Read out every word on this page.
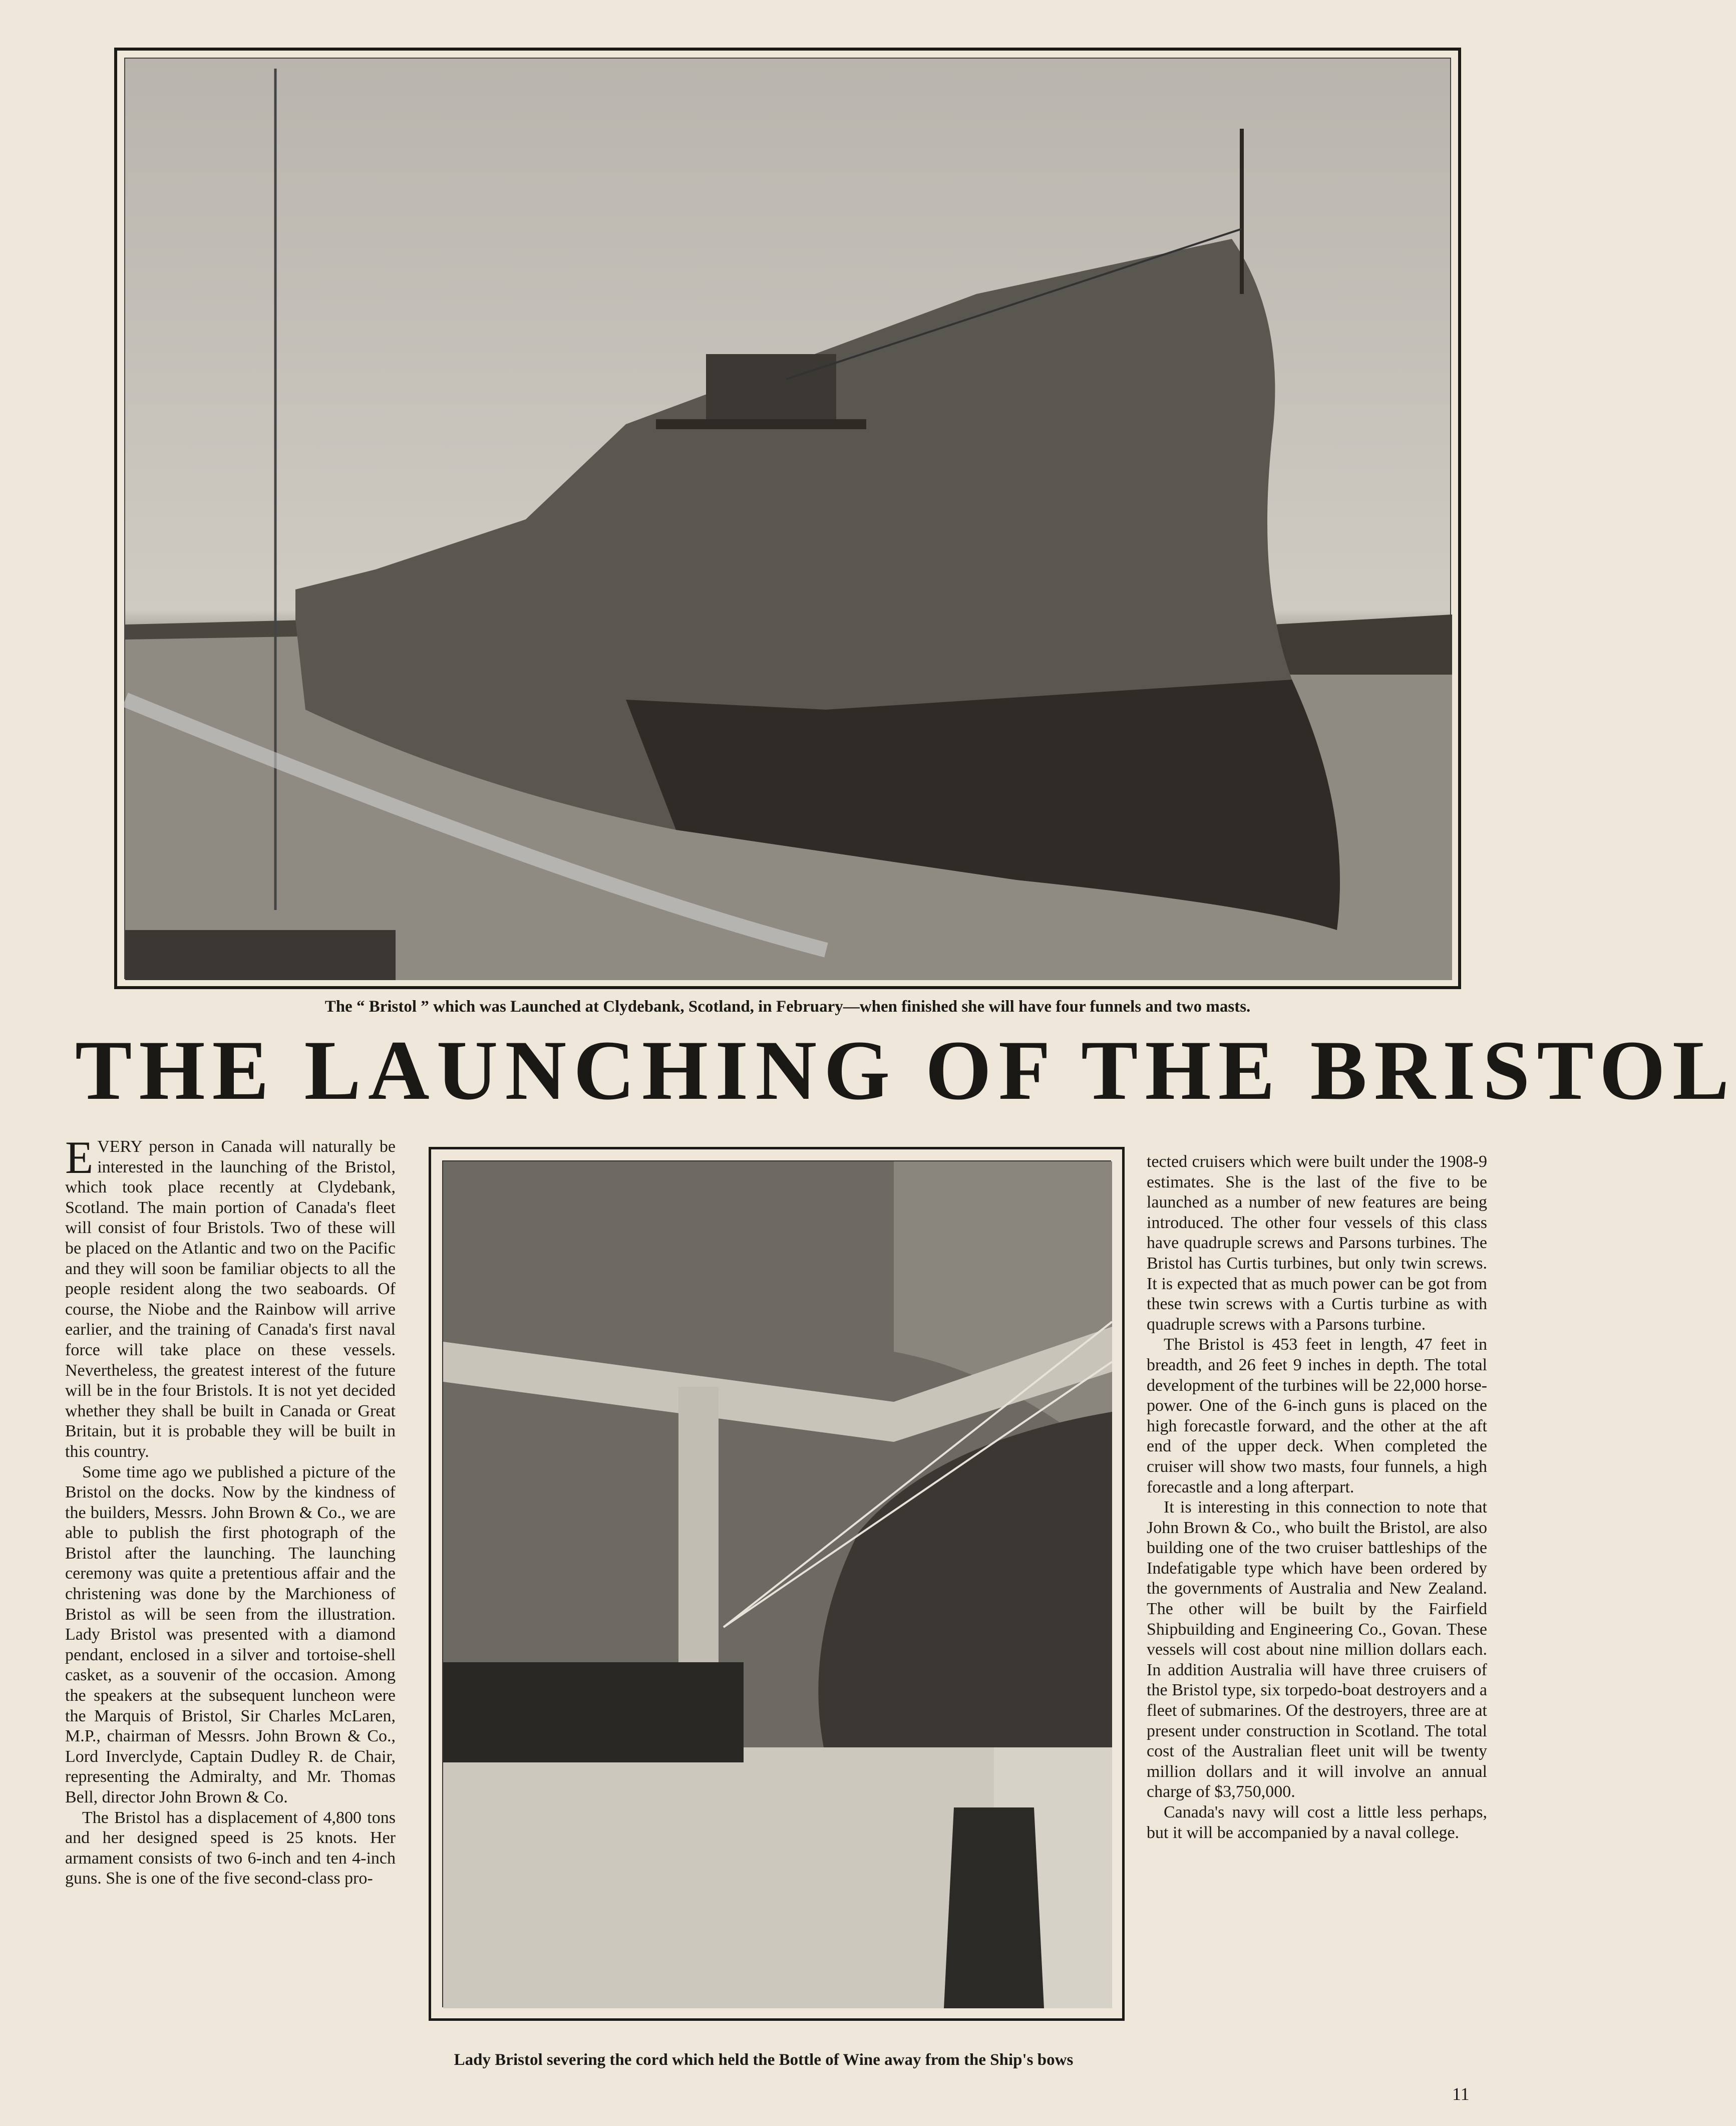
The “ Bristol ” which was Launched at Clydebank, Scotland, in February—when finished she will have four funnels and two masts.
THE LAUNCHING OF THE BRISTOL

EVERY person in Canada will naturally be interested in the launching of the Bristol, which took place recently at Clydebank, Scotland. The main portion of Canada's fleet will consist of four Bristols. Two of these will be placed on the Atlantic and two on the Pacific and they will soon be familiar objects to all the people resident along the two seaboards. Of course, the Niobe and the Rainbow will arrive earlier, and the training of Canada's first naval force will take place on these vessels. Nevertheless, the greatest interest of the future will be in the four Bristols. It is not yet decided whether they shall be built in Canada or Great Britain, but it is probable they will be built in this country.

Some time ago we published a picture of the Bristol on the docks. Now by the kindness of the builders, Messrs. John Brown & Co., we are able to publish the first photograph of the Bristol after the launching. The launching ceremony was quite a pretentious affair and the christening was done by the Marchioness of Bristol as will be seen from the illustration. Lady Bristol was presented with a diamond pendant, enclosed in a silver and tortoise-shell casket, as a souvenir of the occasion. Among the speakers at the subsequent luncheon were the Marquis of Bristol, Sir Charles McLaren, M.P., chairman of Messrs. John Brown & Co., Lord Inverclyde, Captain Dudley R. de Chair, representing the Admiralty, and Mr. Thomas Bell, director John Brown & Co.

The Bristol has a displacement of 4,800 tons and her designed speed is 25 knots. Her armament consists of two 6-inch and ten 4-inch guns. She is one of the five second-class pro-

tected cruisers which were built under the 1908-9 estimates. She is the last of the five to be launched as a number of new features are being introduced. The other four vessels of this class have quadruple screws and Parsons turbines. The Bristol has Curtis turbines, but only twin screws. It is expected that as much power can be got from these twin screws with a Curtis turbine as with quadruple screws with a Parsons turbine.

The Bristol is 453 feet in length, 47 feet in breadth, and 26 feet 9 inches in depth. The total development of the turbines will be 22,000 horse-power. One of the 6-inch guns is placed on the high forecastle forward, and the other at the aft end of the upper deck. When completed the cruiser will show two masts, four funnels, a high forecastle and a long afterpart.

It is interesting in this connection to note that John Brown & Co., who built the Bristol, are also building one of the two cruiser battleships of the Indefatigable type which have been ordered by the governments of Australia and New Zealand. The other will be built by the Fairfield Shipbuilding and Engineering Co., Govan. These vessels will cost about nine million dollars each. In addition Australia will have three cruisers of the Bristol type, six torpedo-boat destroyers and a fleet of submarines. Of the destroyers, three are at present under construction in Scotland. The total cost of the Australian fleet unit will be twenty million dollars and it will involve an annual charge of $3,750,000.

Canada's navy will cost a little less perhaps, but it will be accompanied by a naval college.

Lady Bristol severing the cord which held the Bottle of Wine away from the Ship's bows
11
